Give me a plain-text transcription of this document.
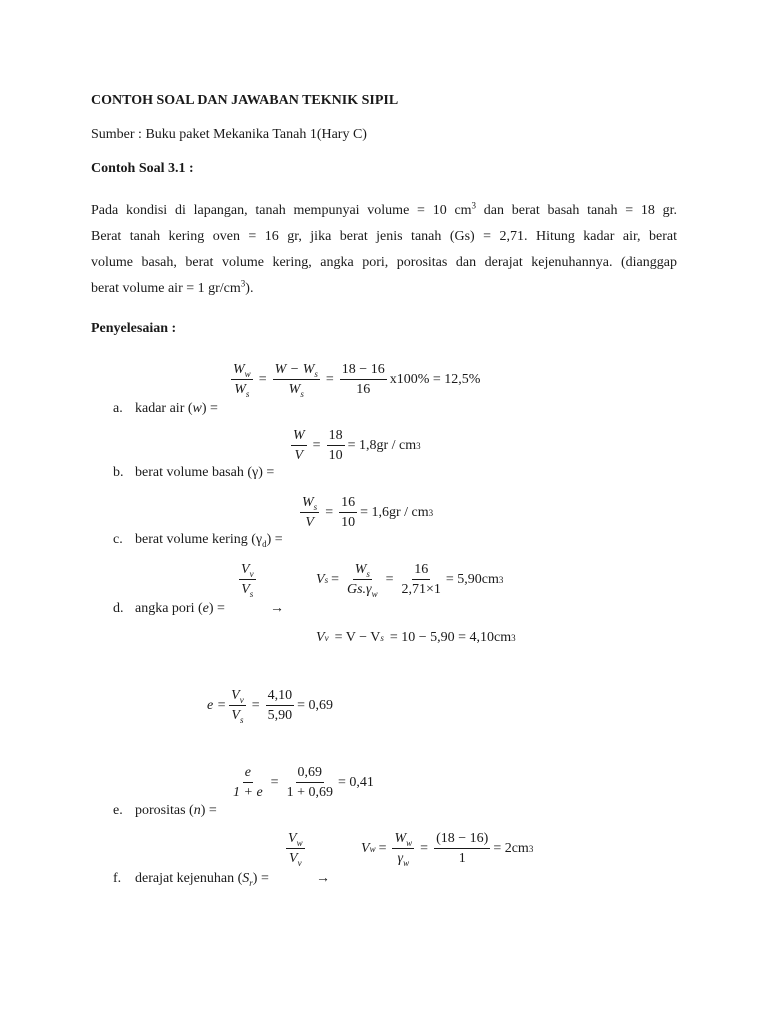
CONTOH SOAL DAN JAWABAN TEKNIK SIPIL
Sumber : Buku paket Mekanika Tanah 1(Hary C)
Contoh Soal 3.1 :
Pada kondisi di lapangan, tanah mempunyai volume = 10 $cm^3$ dan berat basah tanah = 18 gr.
Berat tanah kering oven = 16 gr, jika berat jenis tanah (Gs) = 2,71. Hitung kadar air, berat
volume basah, berat volume kering, angka pori, porositas dan derajat kejenuhannya. (dianggap
berat volume air = 1 $gr/cm^3$).
Penyelesaian :
$\frac{W_w}{W_s} = \frac{W - W_s}{W_s} = \frac{18 - 16}{16} x100\% = 12,5\%$
a. kadar air (w) =
$\frac{W}{V} = \frac{18}{10} = 1,8gr$ / cm 3
b. berat volume basah (γ) =
$\frac{W_s}{V} = \frac{16}{10} = 1,6gr$ / cm 3
c. berat volume kering $(\gamma_d)$ =
$\frac{V_v}{V_s}$	V $s = \frac{W_s}{Gs.\gamma_w} = \frac{16}{2,71\times 1} = 5,90cm$ 3
d. angka pori (e) =	→
V v = V − V s = 10 − 5,90 = 4,10cm 3
$e = \frac{V_v}{V_s} = \frac{4,10}{5,90} = 0,69$
$\frac{e}{1 + e} = \frac{0,69}{1 + 0,69} = 0,41$
e. porositas (n) =
$\frac{V_w}{V_v}$	V $w = \frac{W_w}{\gamma_w} = \frac{(18 - 16)}{1} = 2cm$ 3
f. derajat kejenuhan $(S_r)$ =	→
